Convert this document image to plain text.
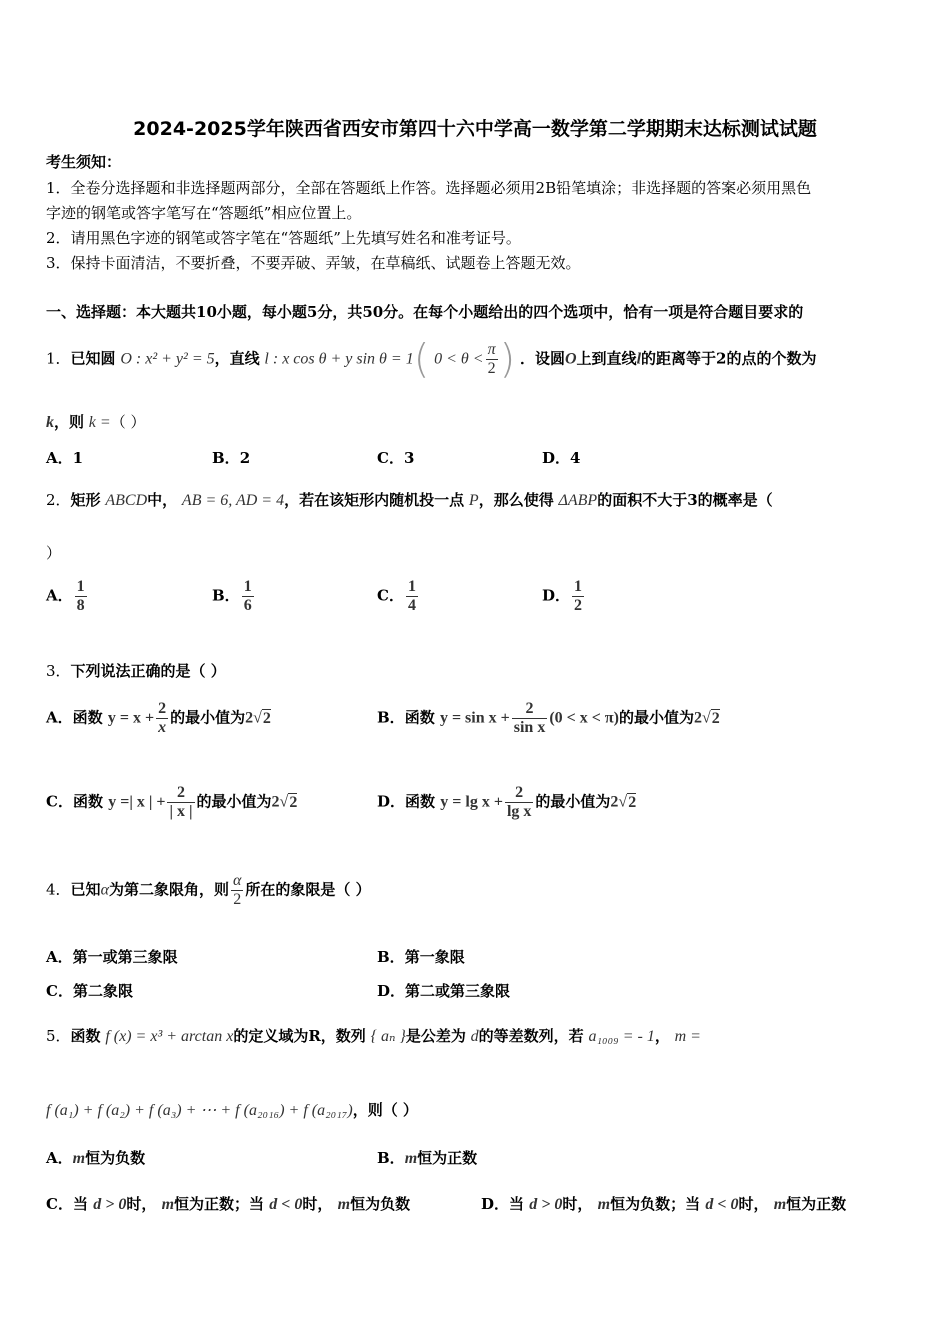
2024-2025学年陕西省西安市第四十六中学高一数学第二学期期末达标测试试题
考生须知：
1．全卷分选择题和非选择题两部分，全部在答题纸上作答。选择题必须用2B铅笔填涂；非选择题的答案必须用黑色
字迹的钢笔或答字笔写在“答题纸”相应位置上。
2．请用黑色字迹的钢笔或答字笔在“答题纸”上先填写姓名和准考证号。
3．保持卡面清洁，不要折叠，不要弄破、弄皱，在草稿纸、试题卷上答题无效。
一、选择题：本大题共10小题，每小题5分，共50分。在每个小题给出的四个选项中，恰有一项是符合题目要求的
1．已知圆 O : x² + y² = 5，直线 l : x cos θ + y sin θ = 1( $0 < \theta < \frac{\pi}{2}$ ) ．设圆O上到直线l的距离等于2的点的个数为
k，则 k =（ ）
A．1	B．2	C．3	D．4
2．矩形 ABCD中， AB = 6, AD = 4，若在该矩形内随机投一点 P，那么使得 ΔABP的面积不大于3的概率是（
）
A． $\frac{1}{8}$	B． $\frac{1}{6}$	C． $\frac{1}{4}$	D． $\frac{1}{2}$
3．下列说法正确的是（ ）
A．函数 $y = x + \frac{2}{x}$ 的最小值为2√2	B．函数 $y = \sin x + \frac{2}{\text{sin x}} (0 < x < \pi)$的最小值为2√2
C．函数 y =| x | + $\frac{2}{| x |}$ 的最小值为2√2	D．函数 $y = \lg x + \frac{2}{\text{lg x}}$ 的最小值为2√2
4．已知α为第二象限角，则 $\frac{\alpha}{2}$ 所在的象限是（ ）
A．第一或第三象限	B．第一象限
C．第二象限	D．第二或第三象限
5．函数 f (x) = x³ + arctan x的定义域为R，数列 { aₙ }是公差为 d的等差数列，若 a₁₀₀₉ = - 1， m =
f (a₁) + f (a₂) + f (a₃) + ⋯ + f (a₂₀₁₆) + f (a₂₀₁₇)，则（ ）
A．m恒为负数	B．m恒为正数
C．当 d > 0时， m恒为正数；当 d < 0时， m恒为负数	D．当 d > 0时， m恒为负数；当 d < 0时， m恒为正数
